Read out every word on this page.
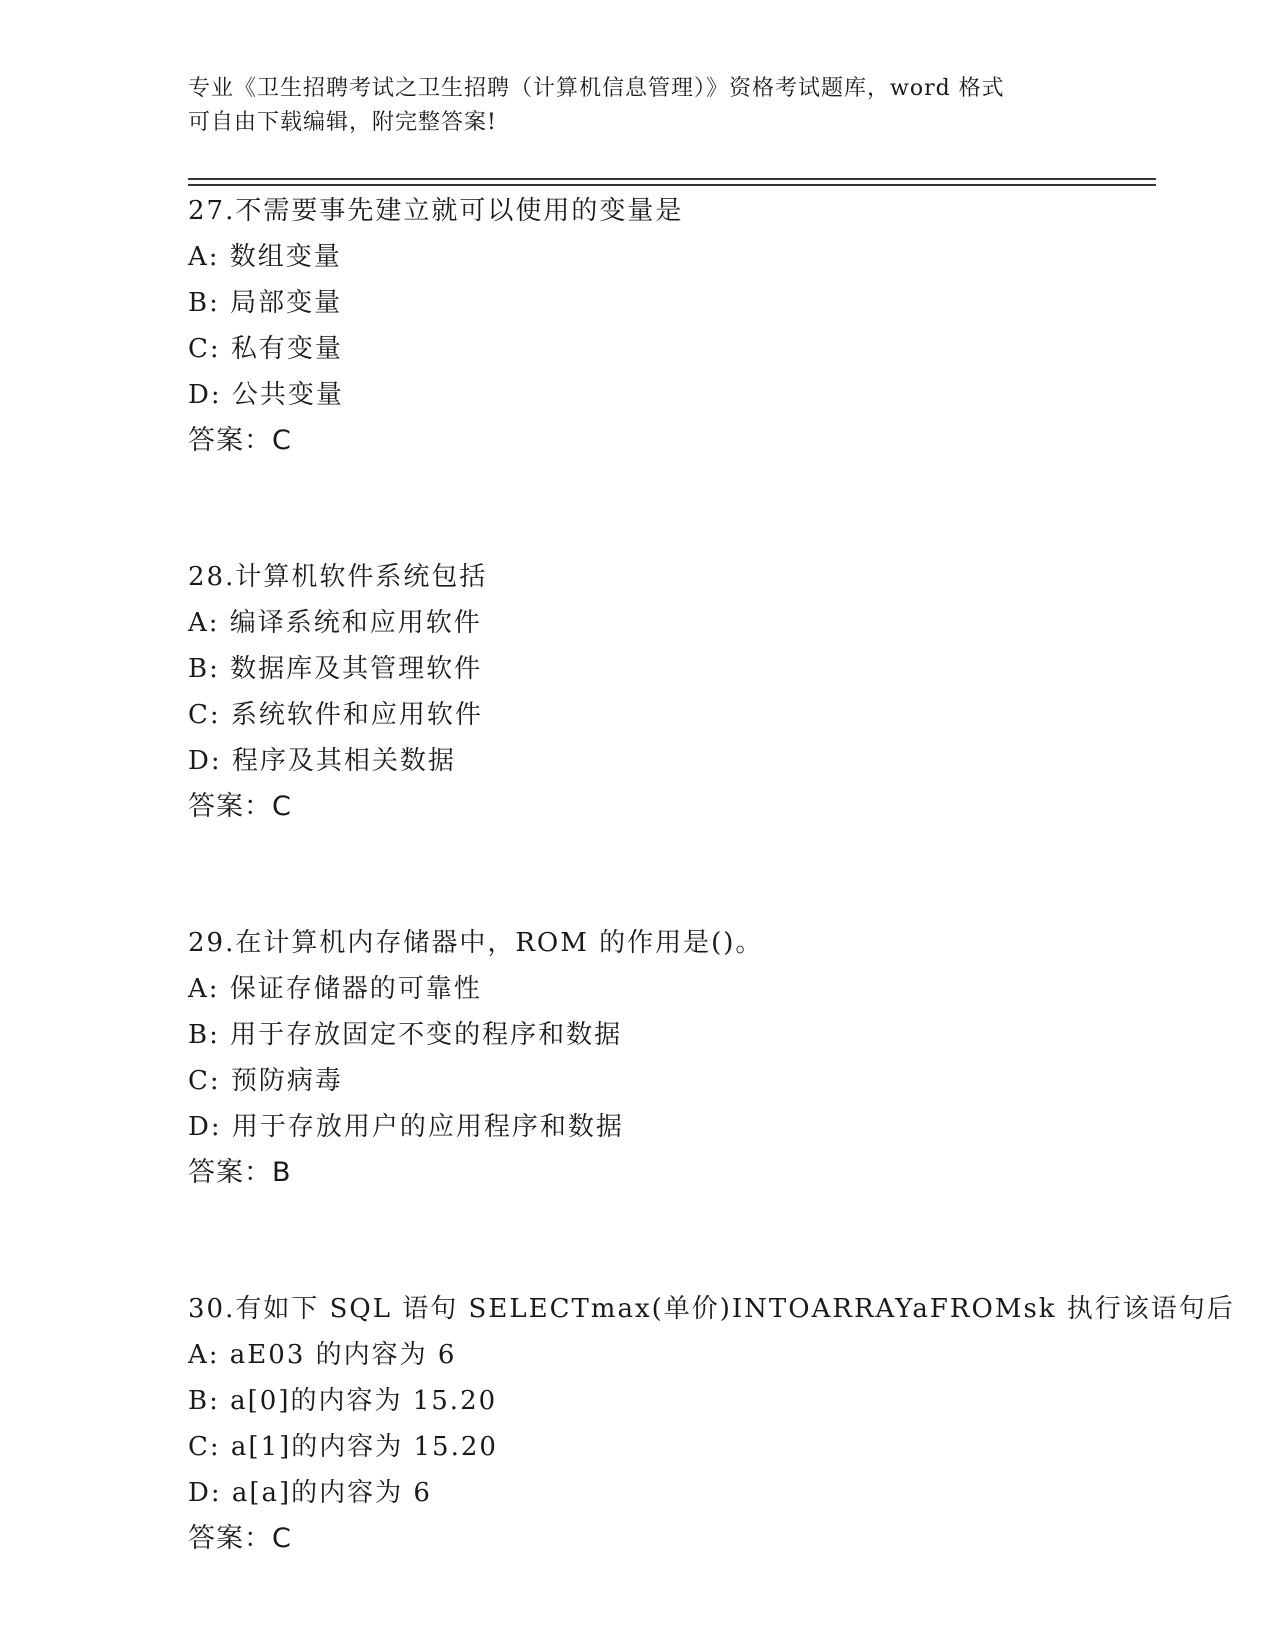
专业《卫生招聘考试之卫生招聘（计算机信息管理）》资格考试题库，word 格式
可自由下载编辑，附完整答案!
27.不需要事先建立就可以使用的变量是
A: 数组变量
B: 局部变量
C: 私有变量
D: 公共变量
答案：C
28.计算机软件系统包括
A: 编译系统和应用软件
B: 数据库及其管理软件
C: 系统软件和应用软件
D: 程序及其相关数据
答案：C
29.在计算机内存储器中，ROM 的作用是()。
A: 保证存储器的可靠性
B: 用于存放固定不变的程序和数据
C: 预防病毒
D: 用于存放用户的应用程序和数据
答案：B
30.有如下 SQL 语句 SELECTmax(单价)INTOARRAYaFROMsk 执行该语句后
A: aE03 的内容为 6
B: a[0]的内容为 15.20
C: a[1]的内容为 15.20
D: a[a]的内容为 6
答案：C
